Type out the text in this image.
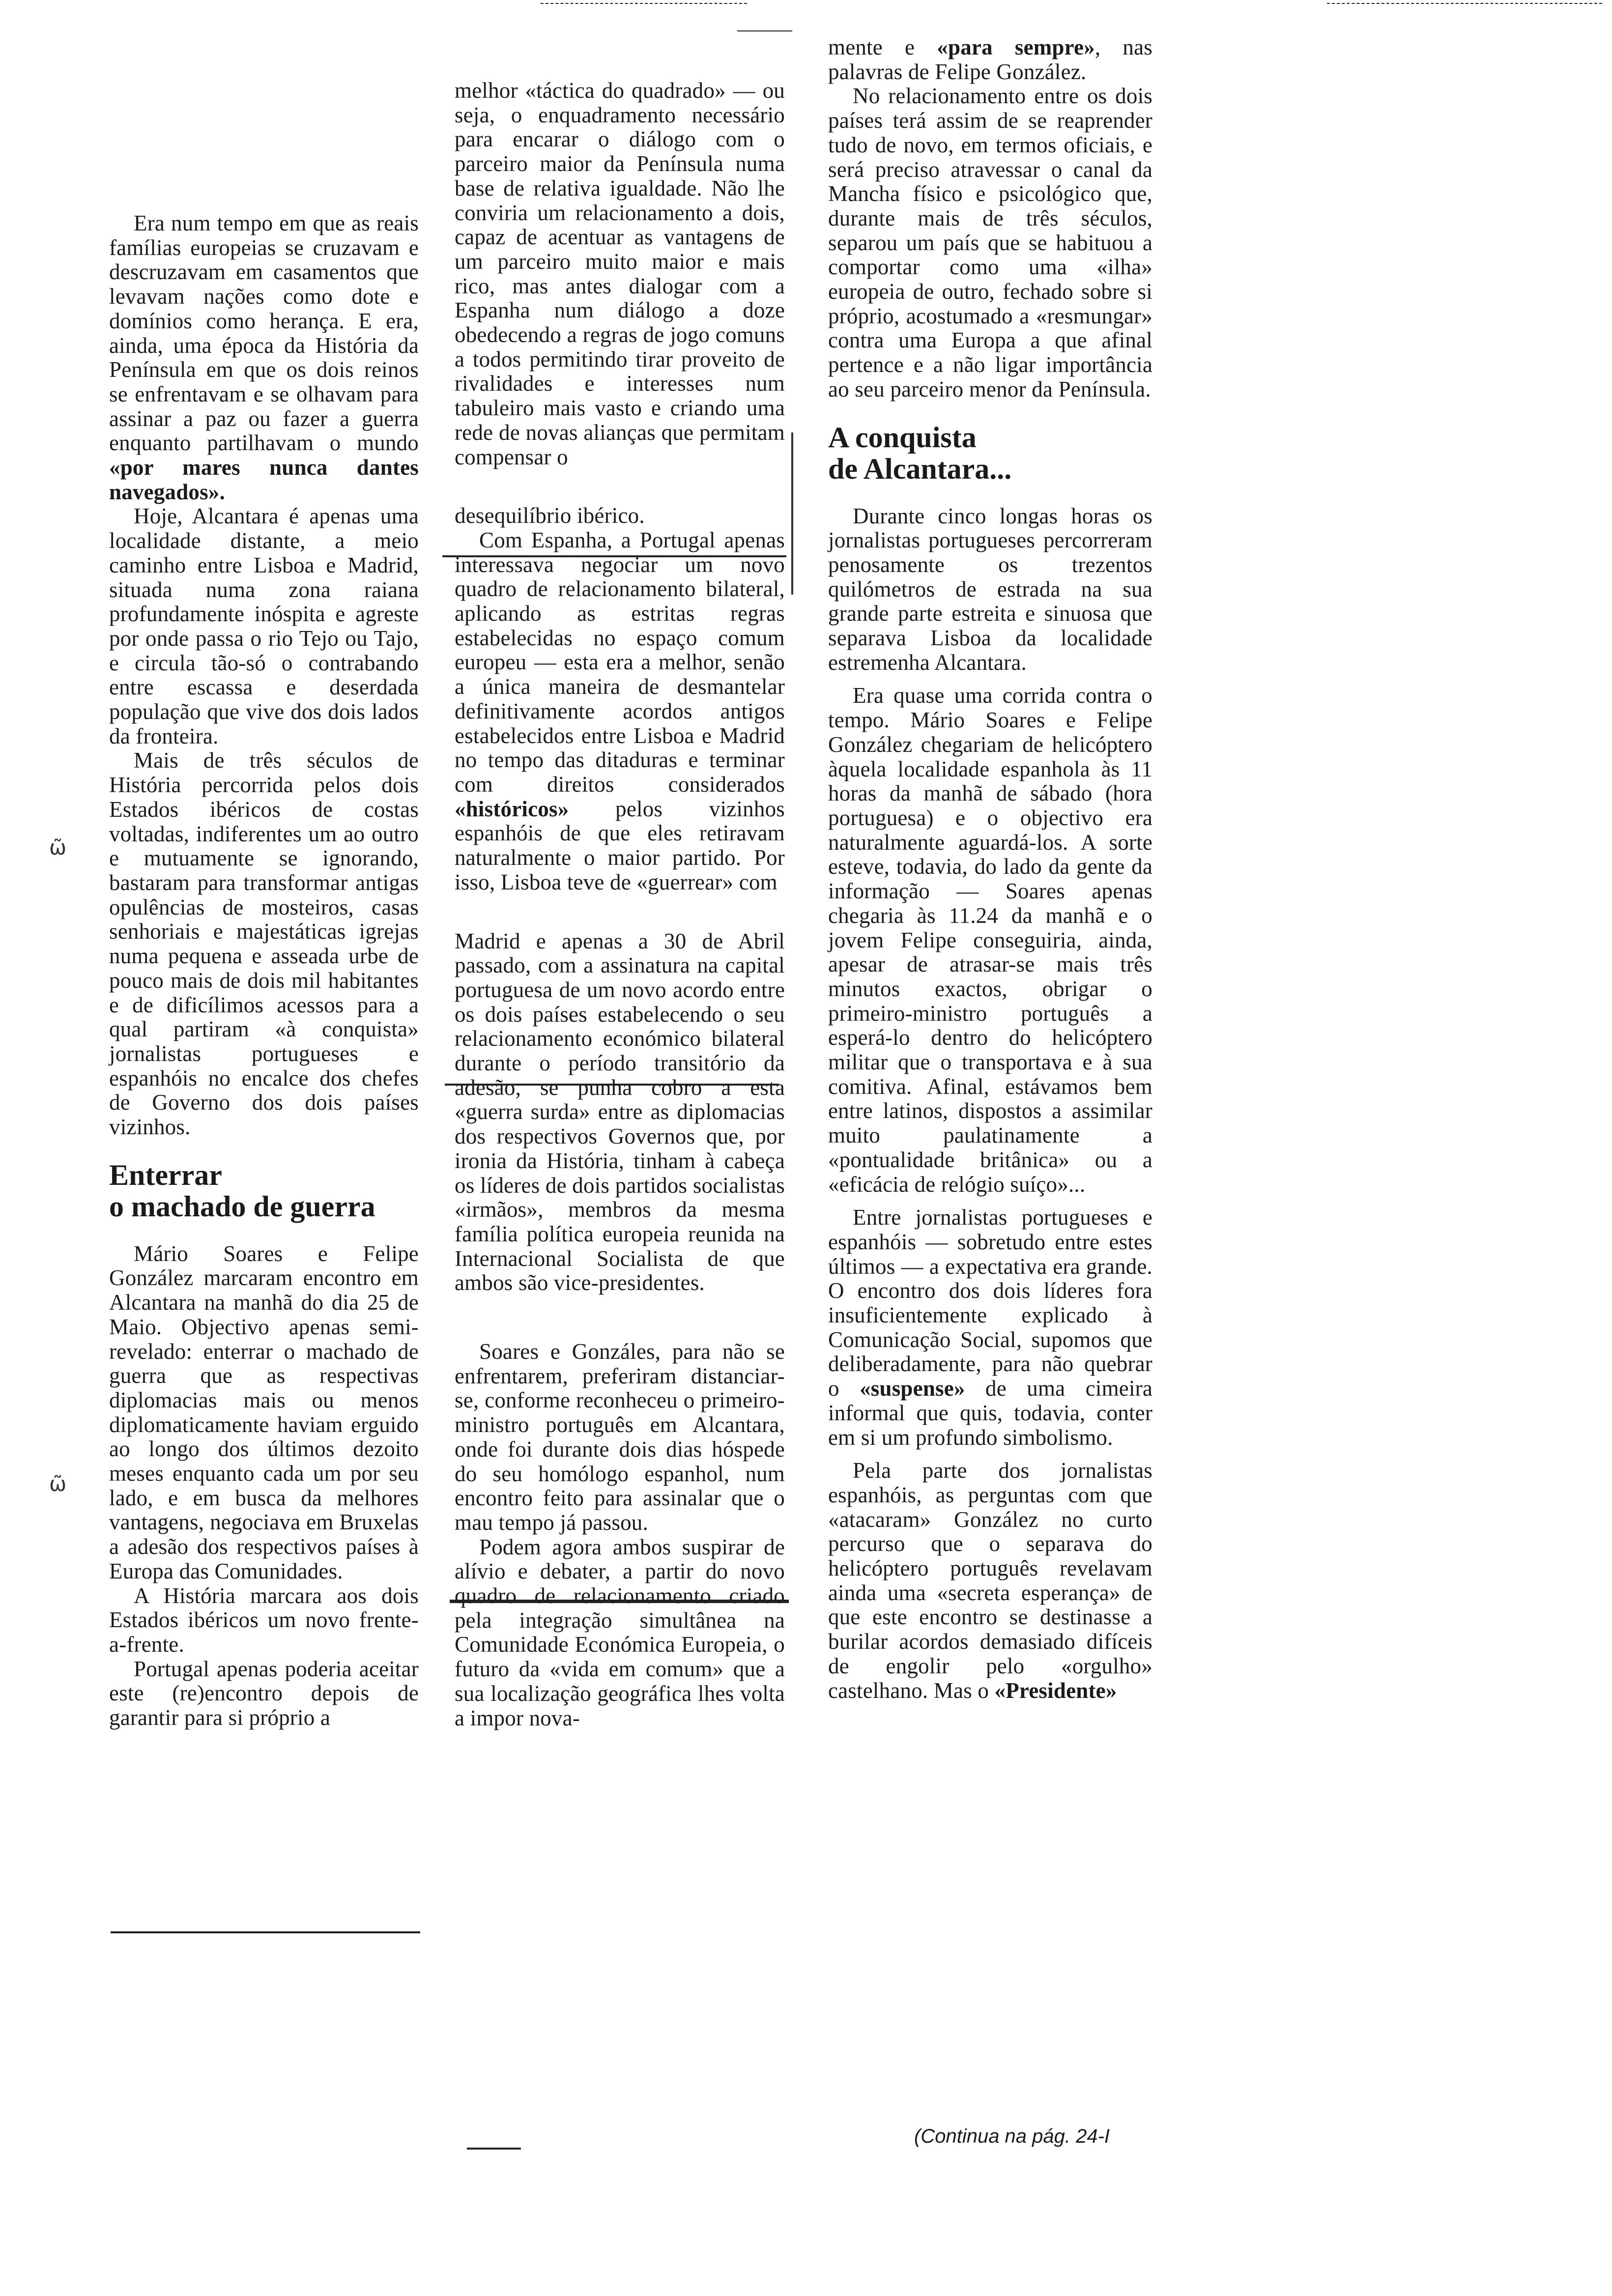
Era num tempo em que as reais famílias europeias se cruzavam e descruzavam em casamentos que levavam nações como dote e domínios como herança. E era, ainda, uma época da História da Península em que os dois reinos se enfrentavam e se olhavam para assinar a paz ou fazer a guerra enquanto partilhavam o mundo «por mares nunca dantes navegados».

Hoje, Alcantara é apenas uma localidade distante, a meio caminho entre Lisboa e Madrid, situada numa zona raiana profundamente inóspita e agreste por onde passa o rio Tejo ou Tajo, e circula tão-só o contrabando entre escassa e deserdada população que vive dos dois lados da fronteira.

Mais de três séculos de História percorrida pelos dois Estados ibéricos de costas voltadas, indiferentes um ao outro e mutuamente se ignorando, bastaram para transformar antigas opulências de mosteiros, casas senhoriais e majestáticas igrejas numa pequena e asseada urbe de pouco mais de dois mil habitantes e de dificílimos acessos para a qual partiram «à conquista» jornalistas portugueses e espanhóis no encalce dos chefes de Governo dos dois países vizinhos.

Enterrar
o machado de guerra

Mário Soares e Felipe González marcaram encontro em Alcantara na manhã do dia 25 de Maio. Objectivo apenas semi-revelado: enterrar o machado de guerra que as respectivas diplomacias mais ou menos diplomaticamente haviam erguido ao longo dos últimos dezoito meses enquanto cada um por seu lado, e em busca da melhores vantagens, negociava em Bruxelas a adesão dos respectivos países à Europa das Comunidades.

A História marcara aos dois Estados ibéricos um novo frente-a-frente.

Portugal apenas poderia aceitar este (re)encontro depois de garantir para si próprio a

melhor «táctica do quadrado» — ou seja, o enquadramento necessário para encarar o diálogo com o parceiro maior da Península numa base de relativa igualdade. Não lhe conviria um relacionamento a dois, capaz de acentuar as vantagens de um parceiro muito maior e mais rico, mas antes dialogar com a Espanha num diálogo a doze obedecendo a regras de jogo comuns a todos permitindo tirar proveito de rivalidades e interesses num tabuleiro mais vasto e criando uma rede de novas alianças que permitam compensar o

desequilíbrio ibérico.

Com Espanha, a Portugal apenas interessava negociar um novo quadro de relacionamento bilateral, aplicando as estritas regras estabelecidas no espaço comum europeu — esta era a melhor, senão a única maneira de desmantelar definitivamente acordos antigos estabelecidos entre Lisboa e Madrid no tempo das ditaduras e terminar com direitos considerados «históricos» pelos vizinhos espanhóis de que eles retiravam naturalmente o maior partido. Por isso, Lisboa teve de «guerrear» com

Madrid e apenas a 30 de Abril passado, com a assinatura na capital portuguesa de um novo acordo entre os dois países estabelecendo o seu relacionamento económico bilateral durante o período transitório da adesão, se punha cobro a esta «guerra surda» entre as diplomacias dos respectivos Governos que, por ironia da História, tinham à cabeça os líderes de dois partidos socialistas «irmãos», membros da mesma família política europeia reunida na Internacional Socialista de que ambos são vice-presidentes.

Soares e Gonzáles, para não se enfrentarem, preferiram distanciar-se, conforme reconheceu o primeiro-ministro português em Alcantara, onde foi durante dois dias hóspede do seu homólogo espanhol, num encontro feito para assinalar que o mau tempo já passou.

Podem agora ambos suspirar de alívio e debater, a partir do novo quadro de relacionamento criado pela integração simultânea na Comunidade Económica Europeia, o futuro da «vida em comum» que a sua localização geográfica lhes volta a impor nova-

mente e «para sempre», nas palavras de Felipe González.

No relacionamento entre os dois países terá assim de se reaprender tudo de novo, em termos oficiais, e será preciso atravessar o canal da Mancha físico e psicológico que, durante mais de três séculos, separou um país que se habituou a comportar como uma «ilha» europeia de outro, fechado sobre si próprio, acostumado a «resmungar» contra uma Europa a que afinal pertence e a não ligar importância ao seu parceiro menor da Península.

A conquista
de Alcantara...

Durante cinco longas horas os jornalistas portugueses percorreram penosamente os trezentos quilómetros de estrada na sua grande parte estreita e sinuosa que separava Lisboa da localidade estremenha Alcantara.

Era quase uma corrida contra o tempo. Mário Soares e Felipe González chegariam de helicóptero àquela localidade espanhola às 11 horas da manhã de sábado (hora portuguesa) e o objectivo era naturalmente aguardá-los. A sorte esteve, todavia, do lado da gente da informação — Soares apenas chegaria às 11.24 da manhã e o jovem Felipe conseguiria, ainda, apesar de atrasar-se mais três minutos exactos, obrigar o primeiro-ministro português a esperá-lo dentro do helicóptero militar que o transportava e à sua comitiva. Afinal, estávamos bem entre latinos, dispostos a assimilar muito paulatinamente a «pontualidade britânica» ou a «eficácia de relógio suíço»...

Entre jornalistas portugueses e espanhóis — sobretudo entre estes últimos — a expectativa era grande. O encontro dos dois líderes fora insuficientemente explicado à Comunicação Social, supomos que deliberadamente, para não quebrar o «suspense» de uma cimeira informal que quis, todavia, conter em si um profundo simbolismo.

Pela parte dos jornalistas espanhóis, as perguntas com que «atacaram» González no curto percurso que o separava do helicóptero português revelavam ainda uma «secreta esperança» de que este encontro se destinasse a burilar acordos demasiado difíceis de engolir pelo «orgulho» castelhano. Mas o «Presidente»

(Continua na pág. 24-I
ῶ
ῶ
